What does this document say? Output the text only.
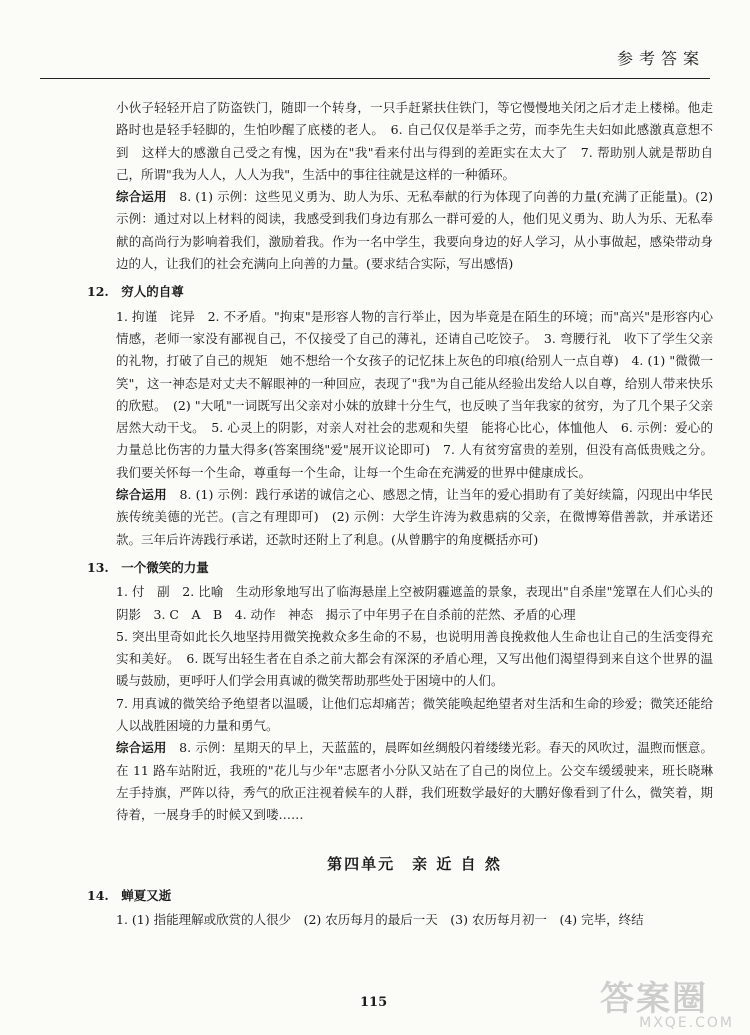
参考答案

小伙子轻轻开启了防盗铁门，随即一个转身，一只手赶紧扶住铁门，等它慢慢地关闭之后才走上楼梯。他走路时也是轻手轻脚的，生怕吵醒了底楼的老人。　6. 自己仅仅是举手之劳，而李先生夫妇如此感激真意想不到　这样大的感激自己受之有愧，因为在"我"看来付出与得到的差距实在太大了　7. 帮助别人就是帮助自己，所谓"我为人人，人人为我"，生活中的事往往就是这样的一种循环。

综合运用　8. (1) 示例：这些见义勇为、助人为乐、无私奉献的行为体现了向善的力量(充满了正能量)。(2) 示例：通过对以上材料的阅读，我感受到我们身边有那么一群可爱的人，他们见义勇为、助人为乐、无私奉献的高尚行为影响着我们，激励着我。作为一名中学生，我要向身边的好人学习，从小事做起，感染带动身边的人，让我们的社会充满向上向善的力量。(要求结合实际，写出感悟)

12.　 穷人的自尊

1. 拘谨　诧异　2. 不矛盾。"拘束"是形容人物的言行举止，因为毕竟是在陌生的环境；而"高兴"是形容内心情感，老师一家没有鄙视自己，不仅接受了自己的薄礼，还请自己吃饺子。　3. 弯腰行礼　收下了学生父亲的礼物，打破了自己的规矩　她不想给一个女孩子的记忆抹上灰色的印痕(给别人一点自尊)　4. (1) "微微一笑"，这一神态是对丈夫不解眼神的一种回应，表现了"我"为自己能从经验出发给人以自尊，给别人带来快乐的欣慰。　(2) "大吼"一词既写出父亲对小妹的放肆十分生气，也反映了当年我家的贫穷，为了几个果子父亲居然大动干戈。　5. 心灵上的阴影，对亲人对社会的悲观和失望　能将心比心，体恤他人　6. 示例：爱心的力量总比伤害的力量大得多(答案围绕"爱"展开议论即可)　7. 人有贫穷富贵的差别，但没有高低贵贱之分。我们要关怀每一个生命，尊重每一个生命，让每一个生命在充满爱的世界中健康成长。

综合运用　8. (1) 示例：践行承诺的诚信之心、感恩之情，让当年的爱心捐助有了美好续篇，闪现出中华民族传统美德的光芒。(言之有理即可)　(2) 示例：大学生许涛为救患病的父亲，在微博筹借善款，并承诺还款。三年后许涛践行承诺，还款时还附上了利息。(从曾鹏宇的角度概括亦可)

13.　 一个微笑的力量

1. 付　副　2. 比喻　生动形象地写出了临海悬崖上空被阴霾遮盖的景象，表现出"自杀崖"笼罩在人们心头的阴影　3. C　A　B　4. 动作　神态　揭示了中年男子在自杀前的茫然、矛盾的心理

5. 突出里奇如此长久地坚持用微笑挽救众多生命的不易，也说明用善良挽救他人生命也让自己的生活变得充实和美好。　6. 既写出轻生者在自杀之前大都会有深深的矛盾心理，又写出他们渴望得到来自这个世界的温暖与鼓励，更呼吁人们学会用真诚的微笑帮助那些处于困境中的人们。

7. 用真诚的微笑给予绝望者以温暖，让他们忘却痛苦；微笑能唤起绝望者对生活和生命的珍爱；微笑还能给人以战胜困境的力量和勇气。

综合运用　8. 示例：星期天的早上，天蓝蓝的，晨晖如丝绸般闪着缕缕光彩。春天的风吹过，温煦而惬意。在 11 路车站附近，我班的"花儿与少年"志愿者小分队又站在了自己的岗位上。公交车缓缓驶来，班长晓琳左手持旗，严阵以待，秀气的欣正注视着候车的人群，我们班数学最好的大鹏好像看到了什么，微笑着，期待着，一展身手的时候又到喽……

第四单元　亲 近 自 然
14.　 蝉夏又逝

1. (1) 指能理解或欣赏的人很少　(2) 农历每月的最后一天　(3) 农历每月初一　(4) 完毕，终结

115	答案圈
MXQE.COM
